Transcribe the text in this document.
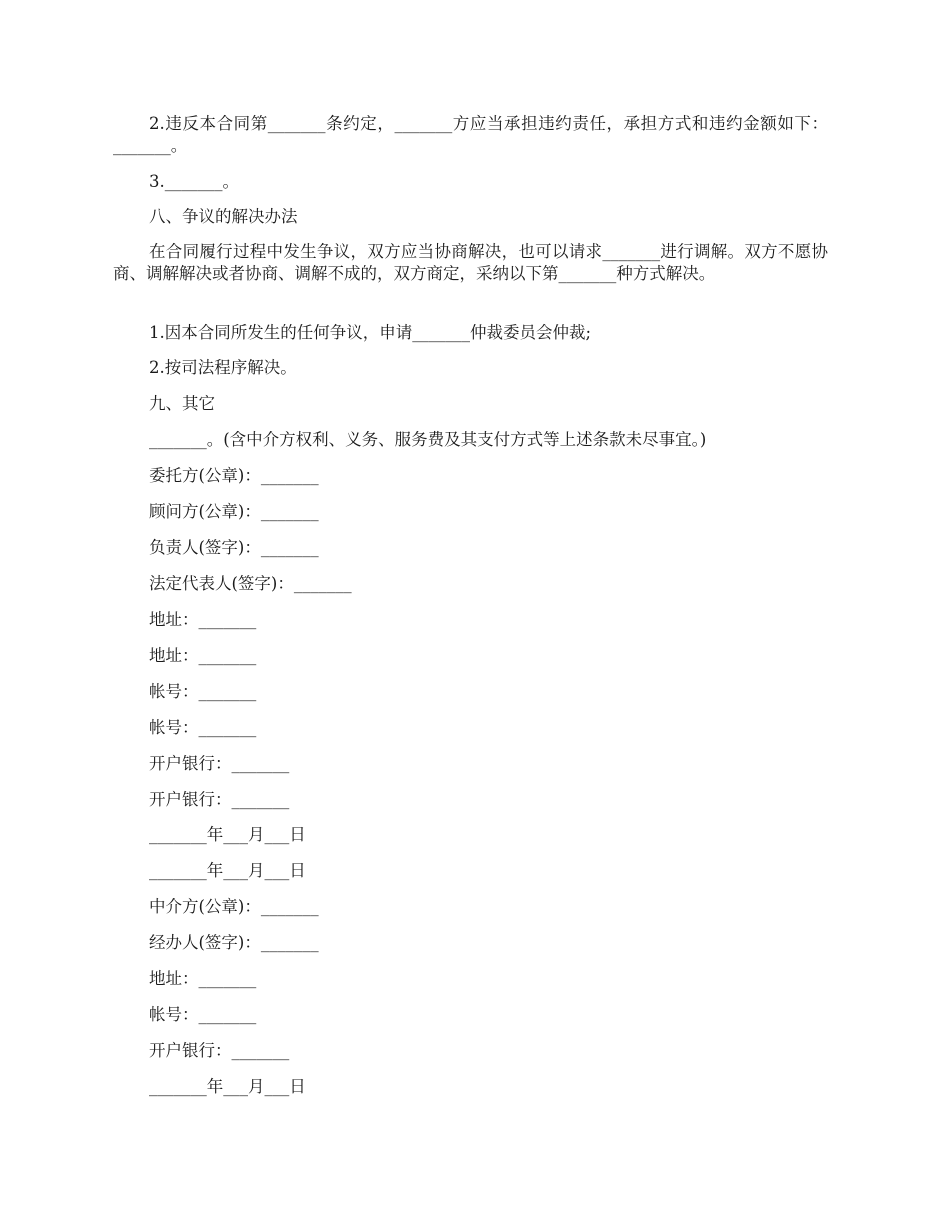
2.违反本合同第_______条约定，_______方应当承担违约责任，承担方式和违约金额如下：_______。

3._______。

八、争议的解决办法

在合同履行过程中发生争议，双方应当协商解决，也可以请求_______进行调解。双方不愿协商、调解解决或者协商、调解不成的，双方商定，采纳以下第_______种方式解决。

1.因本合同所发生的任何争议，申请_______仲裁委员会仲裁;

2.按司法程序解决。

九、其它

_______。(含中介方权利、义务、服务费及其支付方式等上述条款未尽事宜。)

委托方(公章)：_______

顾问方(公章)：_______

负责人(签字)：_______

法定代表人(签字)：_______

地址：_______

地址：_______

帐号：_______

帐号：_______

开户银行：_______

开户银行：_______

_______年___月___日

_______年___月___日

中介方(公章)：_______

经办人(签字)：_______

地址：_______

帐号：_______

开户银行：_______

_______年___月___日
